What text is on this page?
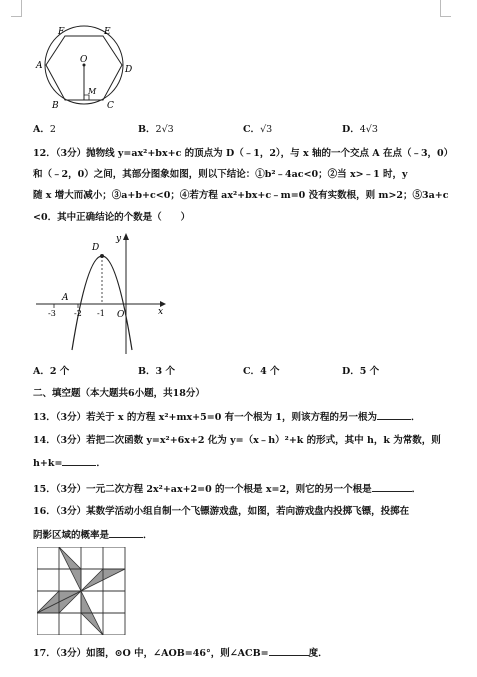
F	E
A
O
D
M
B	C
A．2	B．2√3	C．√3	D．4√3
12．（3分）抛物线 y=ax²+bx+c 的顶点为 D（﹣1，2），与 x 轴的一个交点 A 在点（﹣3，0）
和（﹣2，0）之间，其部分图象如图，则以下结论：①b²﹣4ac<0；②当 x>﹣1 时，y
随 x 增大而减小；③a+b+c<0；④若方程 ax²+bx+c﹣m=0 没有实数根，则 m>2；⑤3a+c
<0．其中正确结论的个数是（　　）
D
y
A
-3 -2 -1 O	x
A．2 个	B．3 个	C．4 个	D．5 个
二、填空题（本大题共6小题，共18分）
13．（3分）若关于 x 的方程 x²+mx+5=0 有一个根为 1，则该方程的另一根为	．
14．（3分）若把二次函数 y=x²+6x+2 化为 y=（x﹣h）²+k 的形式，其中 h，k 为常数，则
h+k=	．
15．（3分）一元二次方程 2x²+ax+2=0 的一个根是 x=2，则它的另一个根是	．
16．（3分）某数学活动小组自制一个飞镖游戏盘，如图，若向游戏盘内投掷飞镖，投掷在
阴影区域的概率是	．
17．（3分）如图，⊙O 中，∠AOB=46°，则∠ACB=	度．
